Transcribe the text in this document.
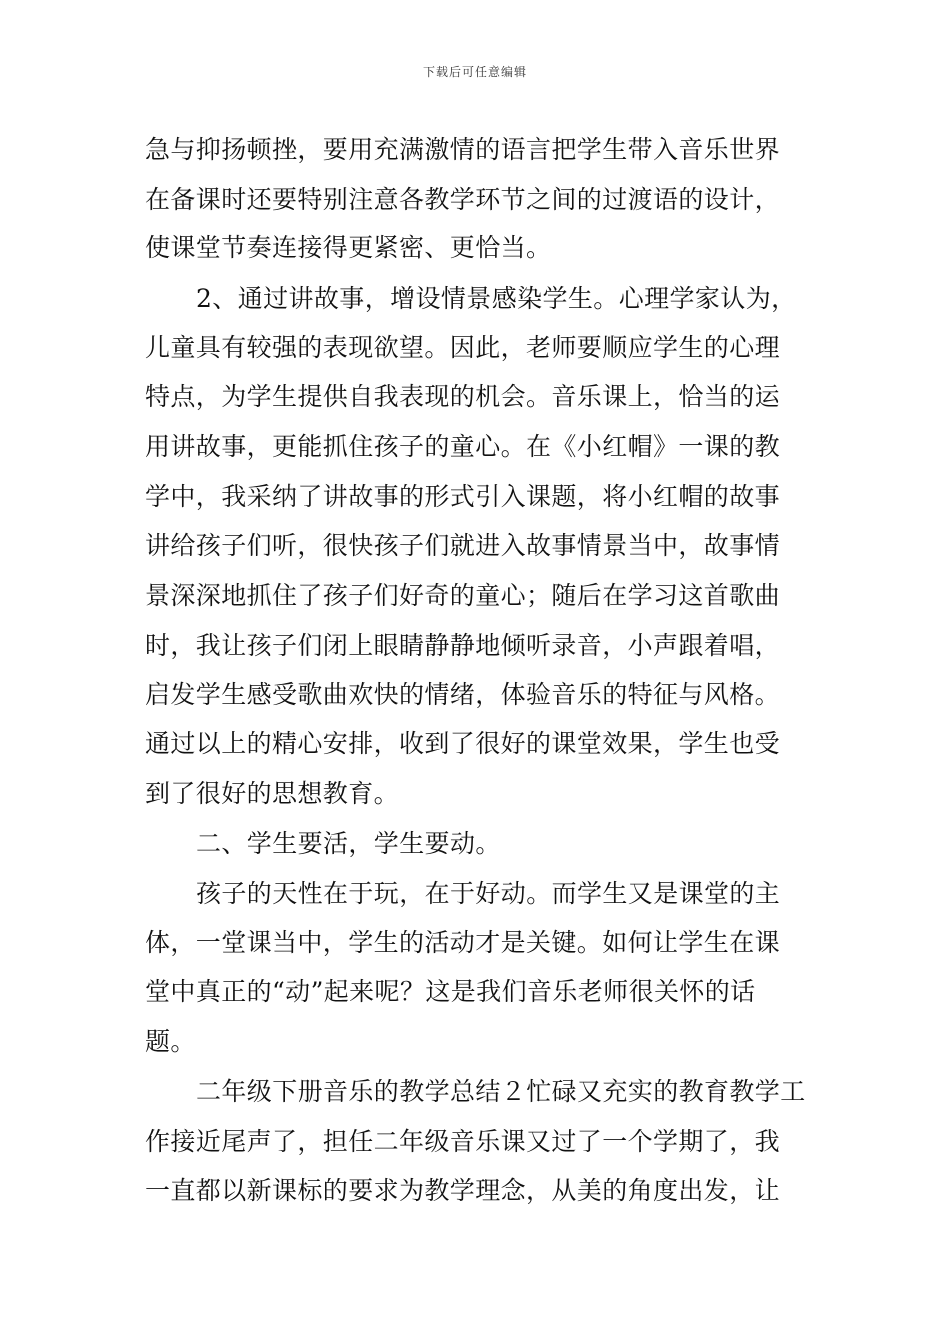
下载后可任意编辑
急与抑扬顿挫，要用充满激情的语言把学生带入音乐世界
在备课时还要特别注意各教学环节之间的过渡语的设计，
使课堂节奏连接得更紧密、更恰当。
2、通过讲故事，增设情景感染学生。心理学家认为，
儿童具有较强的表现欲望。因此，老师要顺应学生的心理
特点，为学生提供自我表现的机会。音乐课上，恰当的运
用讲故事，更能抓住孩子的童心。在《小红帽》一课的教
学中，我采纳了讲故事的形式引入课题，将小红帽的故事
讲给孩子们听，很快孩子们就进入故事情景当中，故事情
景深深地抓住了孩子们好奇的童心；随后在学习这首歌曲
时，我让孩子们闭上眼睛静静地倾听录音，小声跟着唱，
启发学生感受歌曲欢快的情绪，体验音乐的特征与风格。
通过以上的精心安排，收到了很好的课堂效果，学生也受
到了很好的思想教育。
二、学生要活，学生要动。
孩子的天性在于玩，在于好动。而学生又是课堂的主
体，一堂课当中，学生的活动才是关键。如何让学生在课
堂中真正的“动”起来呢？这是我们音乐老师很关怀的话
题。
二年级下册音乐的教学总结２忙碌又充实的教育教学工
作接近尾声了，担任二年级音乐课又过了一个学期了，我
一直都以新课标的要求为教学理念，从美的角度出发，让
